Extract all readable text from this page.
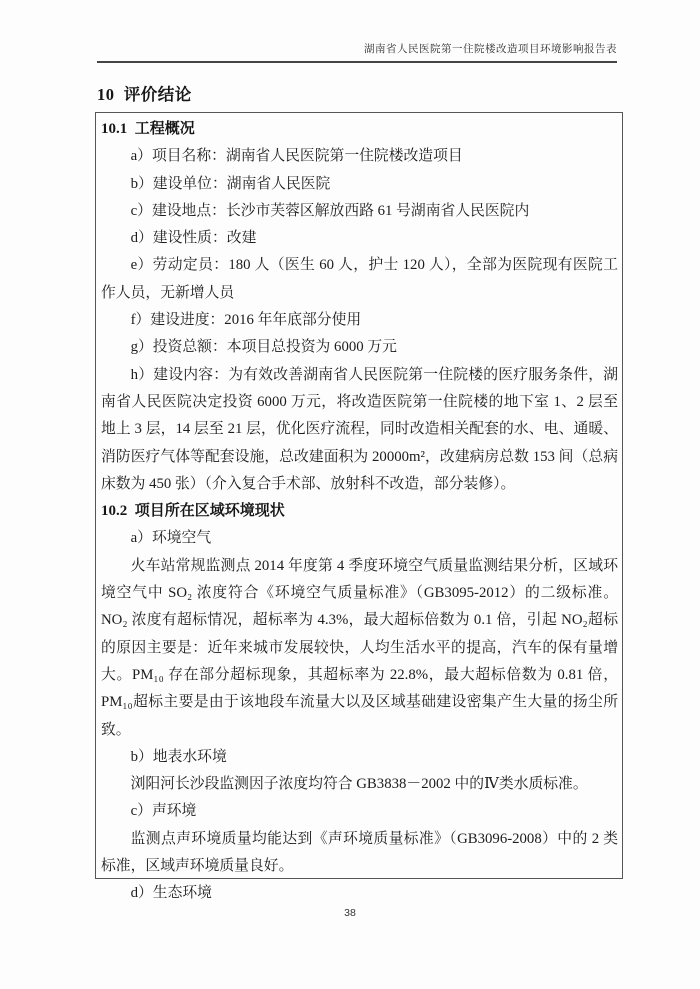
湖南省人民医院第一住院楼改造项目环境影响报告表
10  评价结论

10.1  工程概况

a）项目名称：湖南省人民医院第一住院楼改造项目

b）建设单位：湖南省人民医院

c）建设地点：长沙市芙蓉区解放西路 61 号湖南省人民医院内

d）建设性质：改建

e）劳动定员：180 人（医生 60 人，护士 120 人），全部为医院现有医院工作人员，无新增人员

f）建设进度：2016 年年底部分使用

g）投资总额：本项目总投资为 6000 万元

h）建设内容：为有效改善湖南省人民医院第一住院楼的医疗服务条件，湖南省人民医院决定投资 6000 万元，将改造医院第一住院楼的地下室 1、2 层至地上 3 层，14 层至 21 层，优化医疗流程，同时改造相关配套的水、电、通暖、消防医疗气体等配套设施，总改建面积为 20000m²，改建病房总数 153 间（总病床数为 450 张）（介入复合手术部、放射科不改造，部分装修）。

10.2  项目所在区域环境现状

a）环境空气

火车站常规监测点 2014 年度第 4 季度环境空气质量监测结果分析，区域环境空气中 SO₂ 浓度符合《环境空气质量标准》（GB3095-2012）的二级标准。NO₂ 浓度有超标情况，超标率为 4.3%，最大超标倍数为 0.1 倍，引起 NO₂超标的原因主要是：近年来城市发展较快，人均生活水平的提高，汽车的保有量增大。PM₁₀ 存在部分超标现象，其超标率为 22.8%，最大超标倍数为 0.81 倍，PM₁₀超标主要是由于该地段车流量大以及区域基础建设密集产生大量的扬尘所致。

b）地表水环境

浏阳河长沙段监测因子浓度均符合 GB3838－2002 中的Ⅳ类水质标准。

c）声环境

监测点声环境质量均能达到《声环境质量标准》（GB3096-2008）中的 2 类标准，区域声环境质量良好。

d）生态环境

38
